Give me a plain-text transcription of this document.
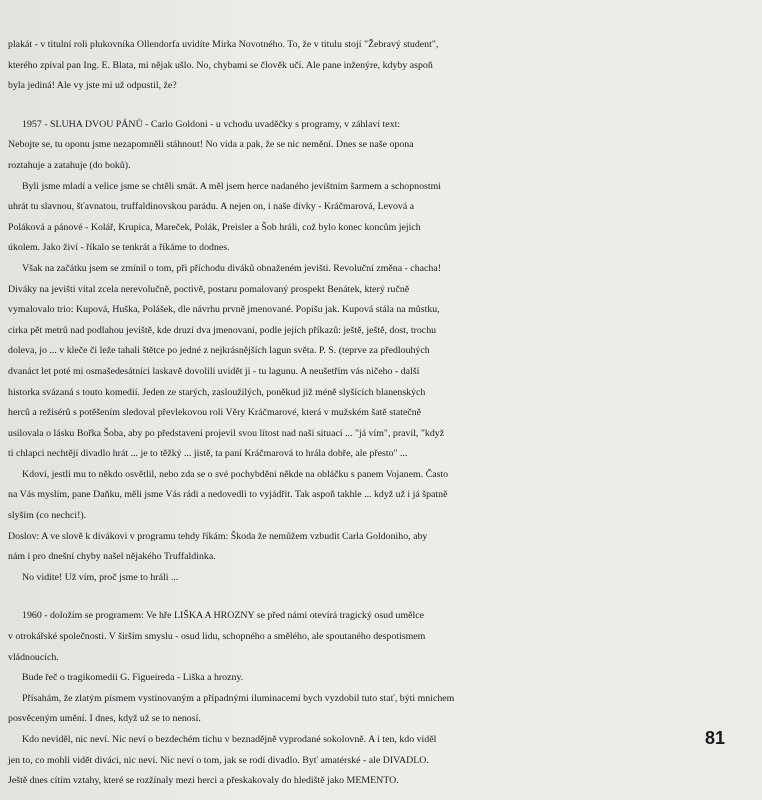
plakát - v titulní roli plukovníka Ollendorfa uvidíte Mirka Novotného. To, že v titulu stojí "Žebravý student",
kterého zpíval pan Ing. E. Blata, mi nějak ušlo. No, chybami se člověk učí. Ale pane inženýre, kdyby aspoň
byla jediná! Ale vy jste mi už odpustil, že?
1957 - SLUHA DVOU PÁNŮ - Carlo Goldoni - u vchodu uvaděčky s programy, v záhlaví text:
Nebojte se, tu oponu jsme nezapomněli stáhnout! No vida a pak, že se nic nemění. Dnes se naše opona
roztahuje a zatahuje (do boků).
Byli jsme mladí a velice jsme se chtěli smát. A měl jsem herce nadaného jevištním šarmem a schopnostmi
uhrát tu slavnou, šťavnatou, truffaldinovskou parádu. A nejen on, i naše dívky - Kráčmarová, Levová a
Poláková a pánové - Kolář, Krupica, Mareček, Polák, Preisler a Šob hráli, což bylo konec koncům jejich
úkolem. Jako živí - říkalo se tenkrát a říkáme to dodnes.
Však na začátku jsem se zmínil o tom, při příchodu diváků obnaženém jevišti. Revoluční změna - chacha!
Diváky na jevišti vítal zcela nerevolučně, poctivě, postaru pomalovaný prospekt Benátek, který ručně
vymalovalo trio: Kupová, Huška, Polášek, dle návrhu prvně jmenované. Popíšu jak. Kupová stála na můstku,
cirka pět metrů nad podlahou jeviště, kde druzí dva jmenovaní, podle jejích příkazů: ještě, ještě, dost, trochu
doleva, jo ... v kleče či leže tahali štětce po jedné z nejkrásnějších lagun světa. P. S. (teprve za předlouhých
dvanáct let poté mi osmašedesátníci laskavě dovolili uvidět ji - tu lagunu. A neušetřím vás ničeho - další
historka svázaná s touto komedií. Jeden ze starých, zasloužilých, poněkud již méně slyšících blanenských
herců a režisérů s potěšením sledoval převlekovou roli Věry Kráčmarové, která v mužském šatě statečně
usilovala o lásku Bořka Šoba, aby po představení projevil svou lítost nad naší situací ... "já vím", pravil, "když
ti chlapci nechtějí divadlo hrát ... je to těžký ... jistě, ta paní Kráčmarová to hrála dobře, ale přesto" ...
Kdoví, jestli mu to někdo osvětlil, nebo zda se o své pochybdění někde na obláčku s panem Vojanem. Často
na Vás myslím, pane Daňku, měli jsme Vás rádi a nedovedli to vyjádřit. Tak aspoň takhle ... když už i já špatně
slyším (co nechci!).
Doslov: A ve slově k divákovi v programu tehdy říkám: Škoda že nemůžem vzbudit Carla Goldoniho, aby
nám i pro dnešní chyby našel nějakého Truffaldinka.
No vidíte! Už vím, proč jsme to hráli ...
1960 - doložím se programem: Ve hře LIŠKA A HROZNY se před námi otevírá tragický osud umělce
v otrokářské společnosti. V širším smyslu - osud lidu, schopného a smělého, ale spoutaného despotismem
vládnoucích.
Bude řeč o tragikomedii G. Figueireda - Liška a hrozny.
Přísahám, že zlatým písmem vystínovaným a případnými iluminacemi bych vyzdobil tuto stať, býti mnichem
posvěceným umění. I dnes, když už se to nenosí.
Kdo neviděl, nic neví. Nic neví o bezdechém tichu v beznadějně vyprodané sokolovně. A i ten, kdo viděl
jen to, co mohli vidět diváci, nic neví. Nic neví o tom, jak se rodí divadlo. Byť amatérské - ale DIVADLO.
Ještě dnes cítím vztahy, které se rozžínaly mezi herci a přeskakovaly do hlediště jako MEMENTO.
81
